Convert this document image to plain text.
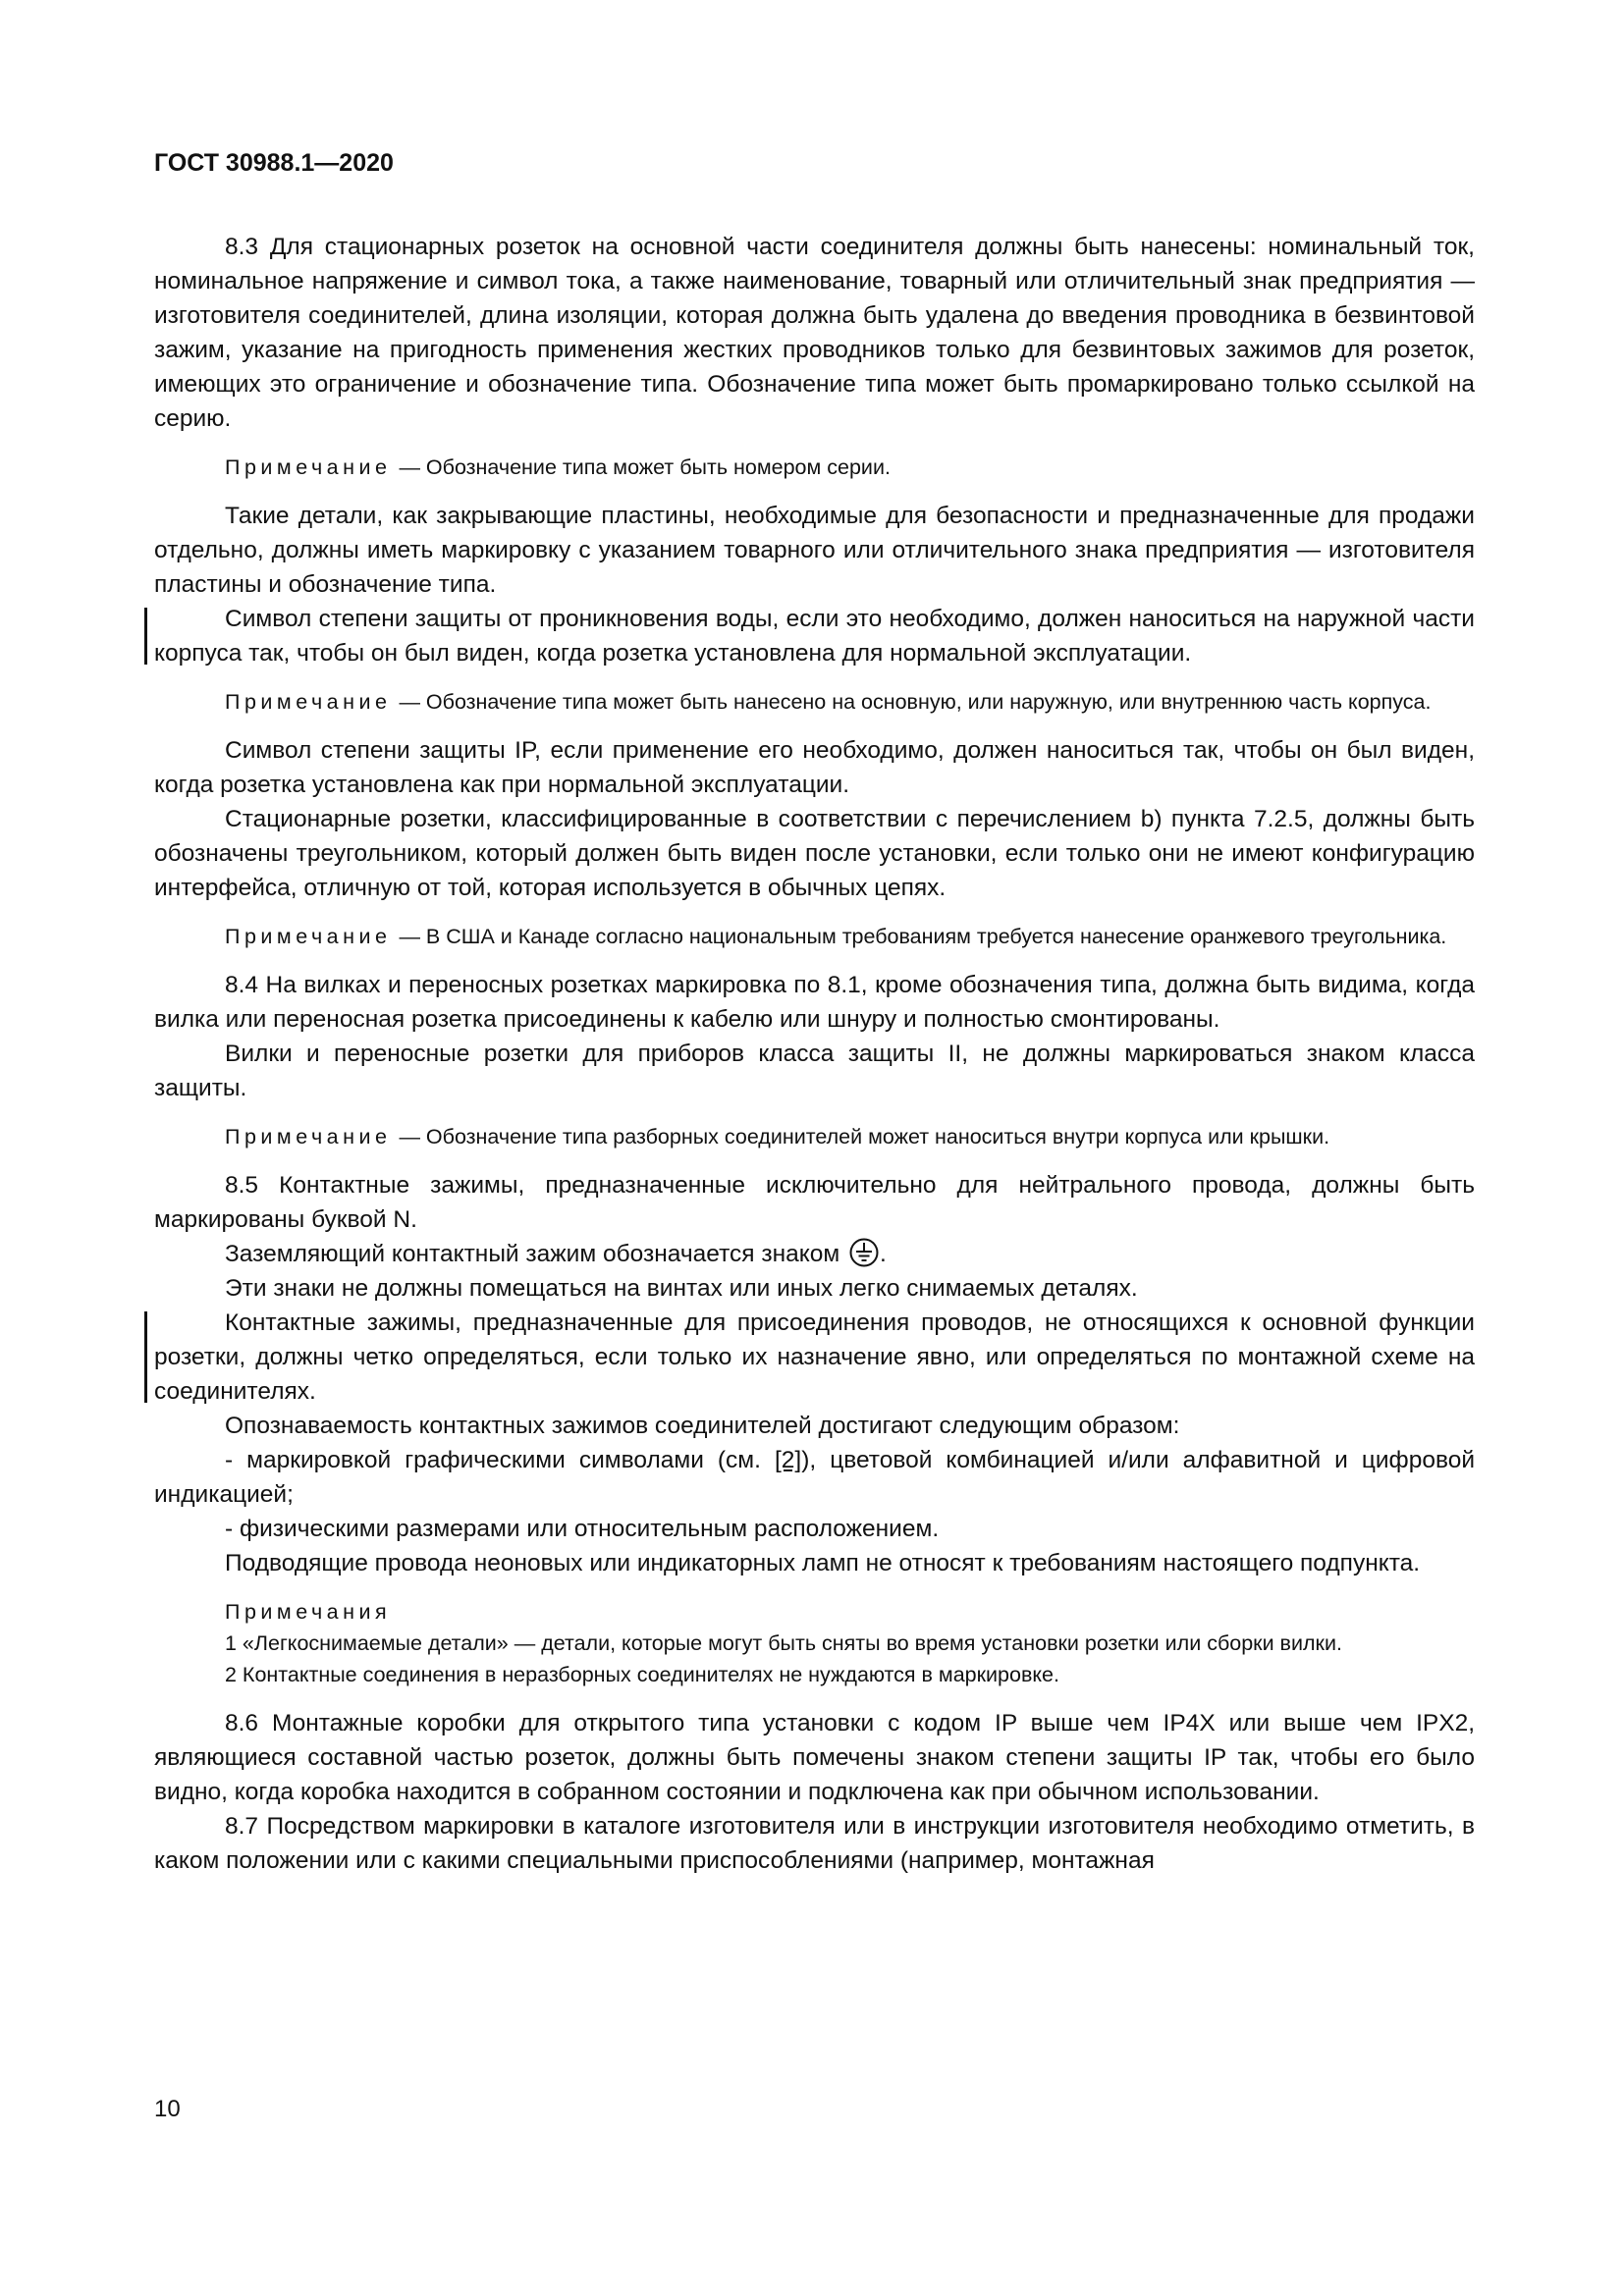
ГОСТ 30988.1—2020

8.3 Для стационарных розеток на основной части соединителя должны быть нанесены: номинальный ток, номинальное напряжение и символ тока, а также наименование, товарный или отличительный знак предприятия — изготовителя соединителей, длина изоляции, которая должна быть удалена до введения проводника в безвинтовой зажим, указание на пригодность применения жестких проводников только для безвинтовых зажимов для розеток, имеющих это ограничение и обозначение типа. Обозначение типа может быть промаркировано только ссылкой на серию.

Примечание — Обозначение типа может быть номером серии.

Такие детали, как закрывающие пластины, необходимые для безопасности и предназначенные для продажи отдельно, должны иметь маркировку с указанием товарного или отличительного знака предприятия — изготовителя пластины и обозначение типа.

Символ степени защиты от проникновения воды, если это необходимо, должен наноситься на наружной части корпуса так, чтобы он был виден, когда розетка установлена для нормальной эксплуатации.

Примечание — Обозначение типа может быть нанесено на основную, или наружную, или внутреннюю часть корпуса.

Символ степени защиты IP, если применение его необходимо, должен наноситься так, чтобы он был виден, когда розетка установлена как при нормальной эксплуатации.

Стационарные розетки, классифицированные в соответствии с перечислением b) пункта 7.2.5, должны быть обозначены треугольником, который должен быть виден после установки, если только они не имеют конфигурацию интерфейса, отличную от той, которая используется в обычных цепях.

Примечание — В США и Канаде согласно национальным требованиям требуется нанесение оранжевого треугольника.

8.4 На вилках и переносных розетках маркировка по 8.1, кроме обозначения типа, должна быть видима, когда вилка или переносная розетка присоединены к кабелю или шнуру и полностью смонтированы.

Вилки и переносные розетки для приборов класса защиты II, не должны маркироваться знаком класса защиты.

Примечание — Обозначение типа разборных соединителей может наноситься внутри корпуса или крышки.

8.5 Контактные зажимы, предназначенные исключительно для нейтрального провода, должны быть маркированы буквой N.

Заземляющий контактный зажим обозначается знаком .

Эти знаки не должны помещаться на винтах или иных легко снимаемых деталях.

Контактные зажимы, предназначенные для присоединения проводов, не относящихся к основной функции розетки, должны четко определяться, если только их назначение явно, или определяться по монтажной схеме на соединителях.

Опознаваемость контактных зажимов соединителей достигают следующим образом:

- маркировкой графическими символами (см. [2]), цветовой комбинацией и/или алфавитной и цифровой индикацией;

- физическими размерами или относительным расположением.

Подводящие провода неоновых или индикаторных ламп не относят к требованиям настоящего подпункта.

Примечания

1 «Легкоснимаемые детали» — детали, которые могут быть сняты во время установки розетки или сборки вилки.

2 Контактные соединения в неразборных соединителях не нуждаются в маркировке.

8.6 Монтажные коробки для открытого типа установки с кодом IP выше чем IP4X или выше чем IPX2, являющиеся составной частью розеток, должны быть помечены знаком степени защиты IP так, чтобы его было видно, когда коробка находится в собранном состоянии и подключена как при обычном использовании.

8.7 Посредством маркировки в каталоге изготовителя или в инструкции изготовителя необходимо отметить, в каком положении или с какими специальными приспособлениями (например, монтажная

10
